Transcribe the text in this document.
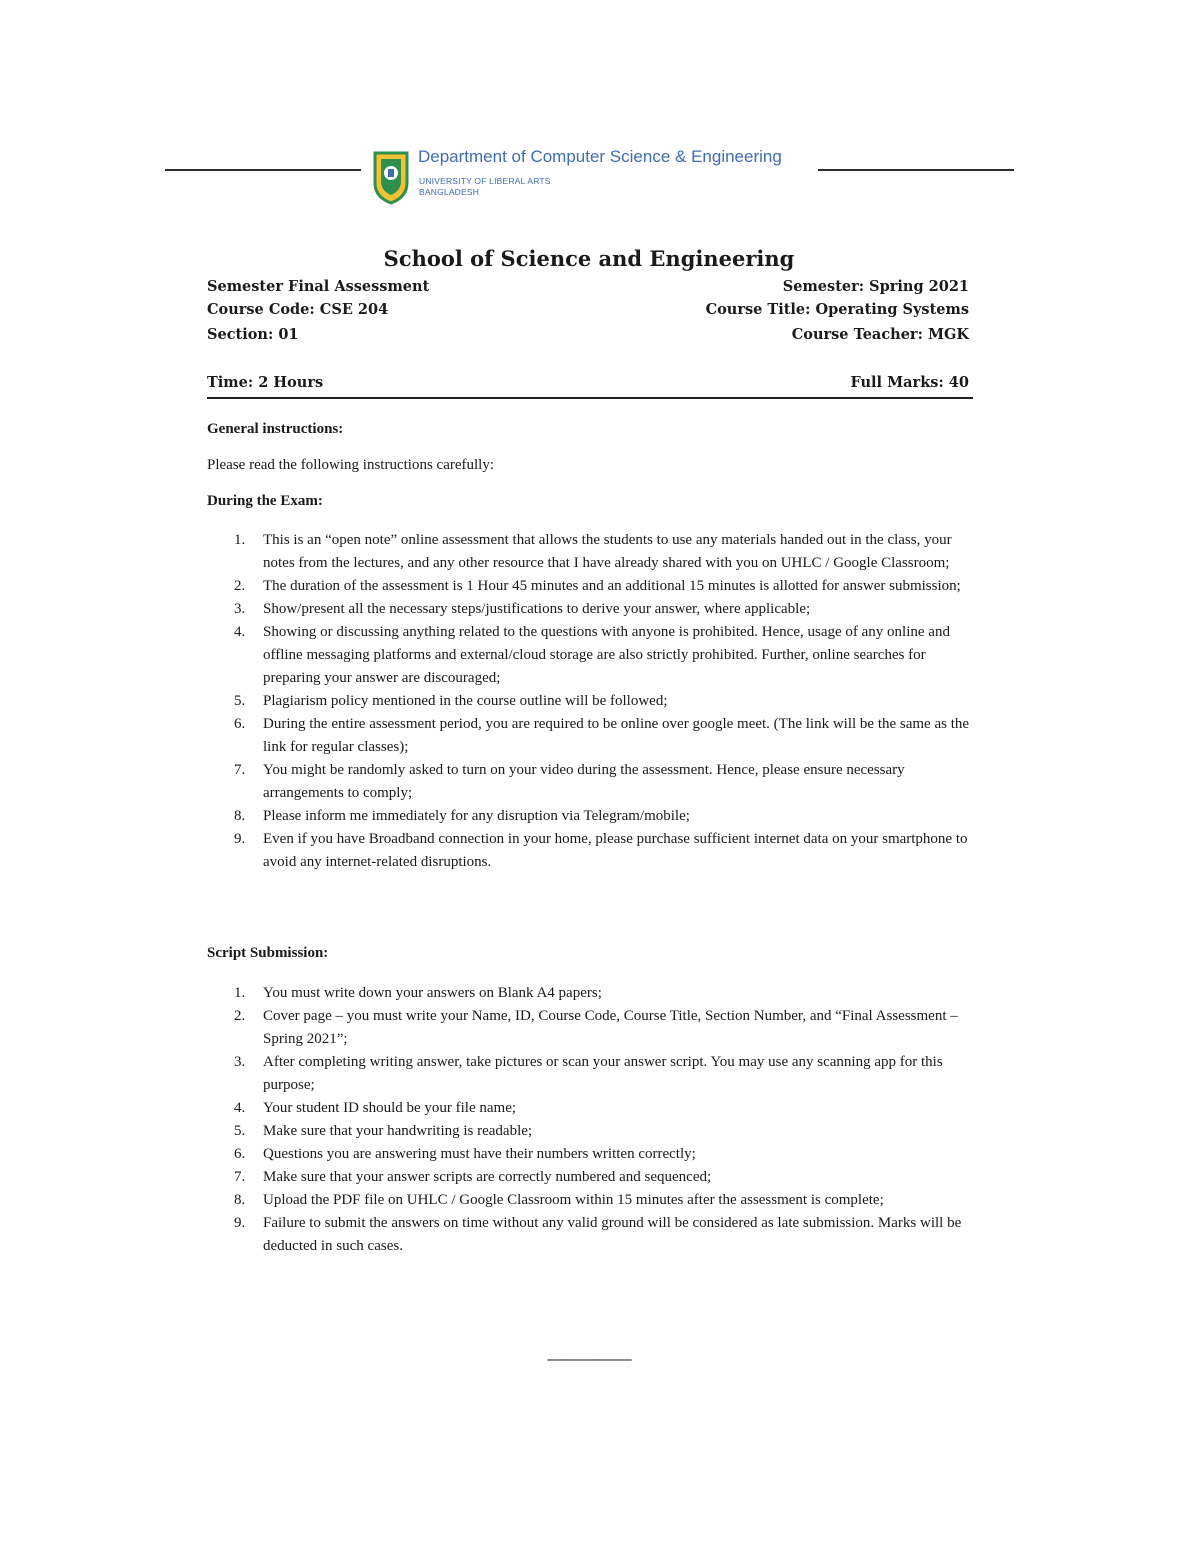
Department of Computer Science & Engineering
UNIVERSITY OF LIBERAL ARTS
BANGLADESH
School of Science and Engineering
Semester Final Assessment	Semester: Spring 2021
Course Code: CSE 204	Course Title: Operating Systems
Section: 01	Course Teacher: MGK
Time: 2 Hours	Full Marks: 40
General instructions:
Please read the following instructions carefully:
During the Exam:
1. This is an “open note” online assessment that allows the students to use any materials handed out in the class, your notes from the lectures, and any other resource that I have already shared with you on UHLC / Google Classroom;
2. The duration of the assessment is 1 Hour 45 minutes and an additional 15 minutes is allotted for answer submission;
3. Show/present all the necessary steps/justifications to derive your answer, where applicable;
4. Showing or discussing anything related to the questions with anyone is prohibited. Hence, usage of any online and offline messaging platforms and external/cloud storage are also strictly prohibited. Further, online searches for preparing your answer are discouraged;
5. Plagiarism policy mentioned in the course outline will be followed;
6. During the entire assessment period, you are required to be online over google meet. (The link will be the same as the link for regular classes);
7. You might be randomly asked to turn on your video during the assessment. Hence, please ensure necessary arrangements to comply;
8. Please inform me immediately for any disruption via Telegram/mobile;
9. Even if you have Broadband connection in your home, please purchase sufficient internet data on your smartphone to avoid any internet-related disruptions.
Script Submission:
1. You must write down your answers on Blank A4 papers;
2. Cover page – you must write your Name, ID, Course Code, Course Title, Section Number, and “Final Assessment – Spring 2021”;
3. After completing writing answer, take pictures or scan your answer script. You may use any scanning app for this purpose;
4. Your student ID should be your file name;
5. Make sure that your handwriting is readable;
6. Questions you are answering must have their numbers written correctly;
7. Make sure that your answer scripts are correctly numbered and sequenced;
8. Upload the PDF file on UHLC / Google Classroom within 15 minutes after the assessment is complete;
9. Failure to submit the answers on time without any valid ground will be considered as late submission. Marks will be deducted in such cases.
-----------------------
